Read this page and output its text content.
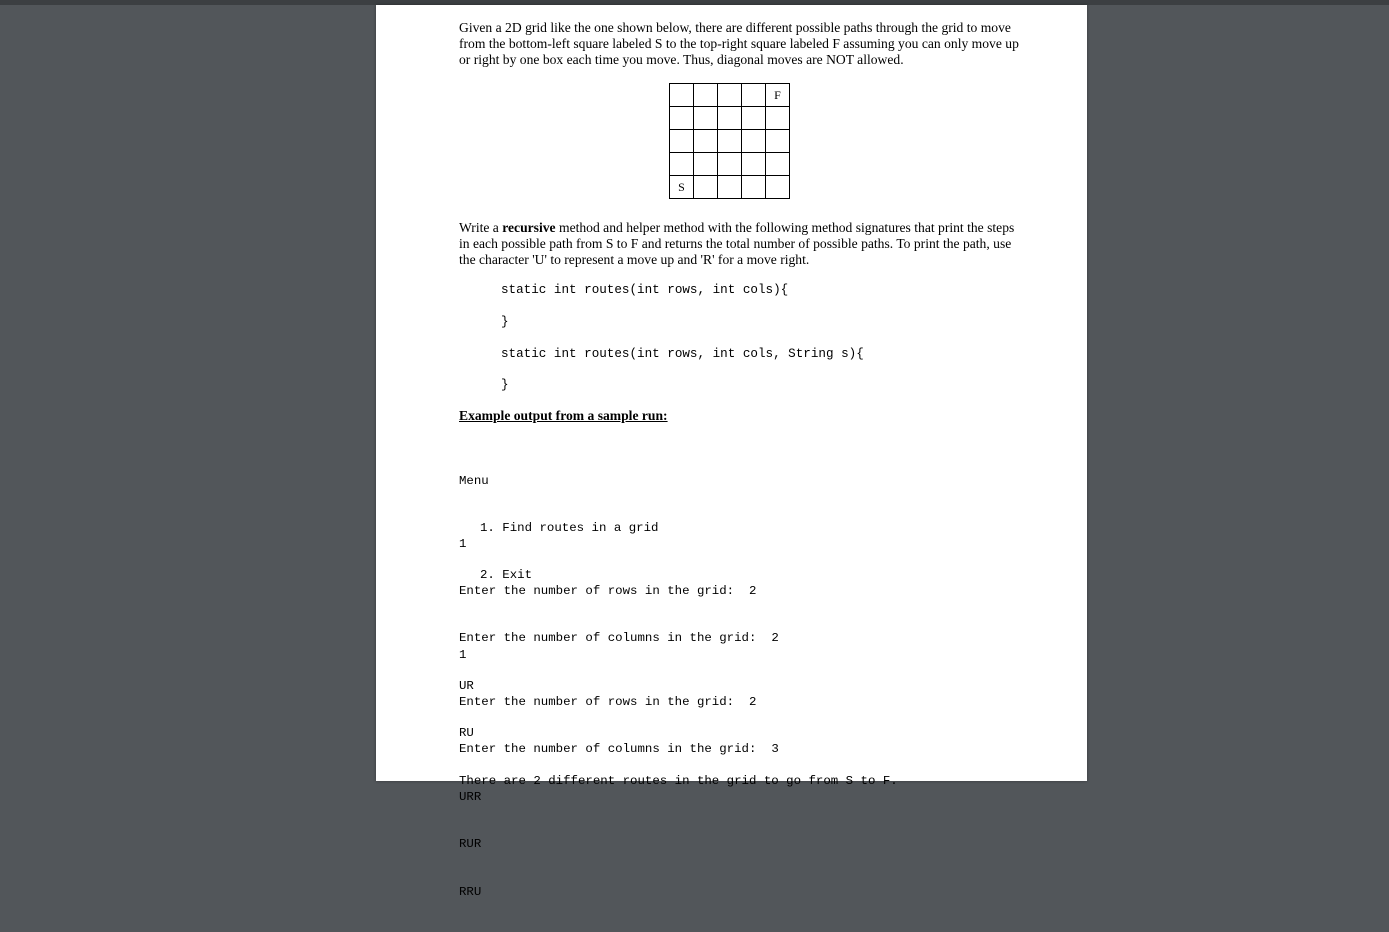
Given a 2D grid like the one shown below, there are different possible paths through the grid to move from the bottom-left square labeled S to the top-right square labeled F assuming you can only move up or right by one box each time you move. Thus, diagonal moves are NOT allowed.
				F

S				
Write a recursive method and helper method with the following method signatures that print the steps in each possible path from S to F and returns the total number of possible paths. To print the path, use the character 'U' to represent a move up and 'R' for a move right.
static int routes(int rows, int cols){
}
static int routes(int rows, int cols, String s){
}
Example output from a sample run:

Menu

1. Find routes in a grid

2. Exit

1

Enter the number of rows in the grid: 2

Enter the number of columns in the grid: 2

UR

RU

There are 2 different routes in the grid to go from S to F.

1

Enter the number of rows in the grid: 2

Enter the number of columns in the grid: 3

URR

RUR

RRU
